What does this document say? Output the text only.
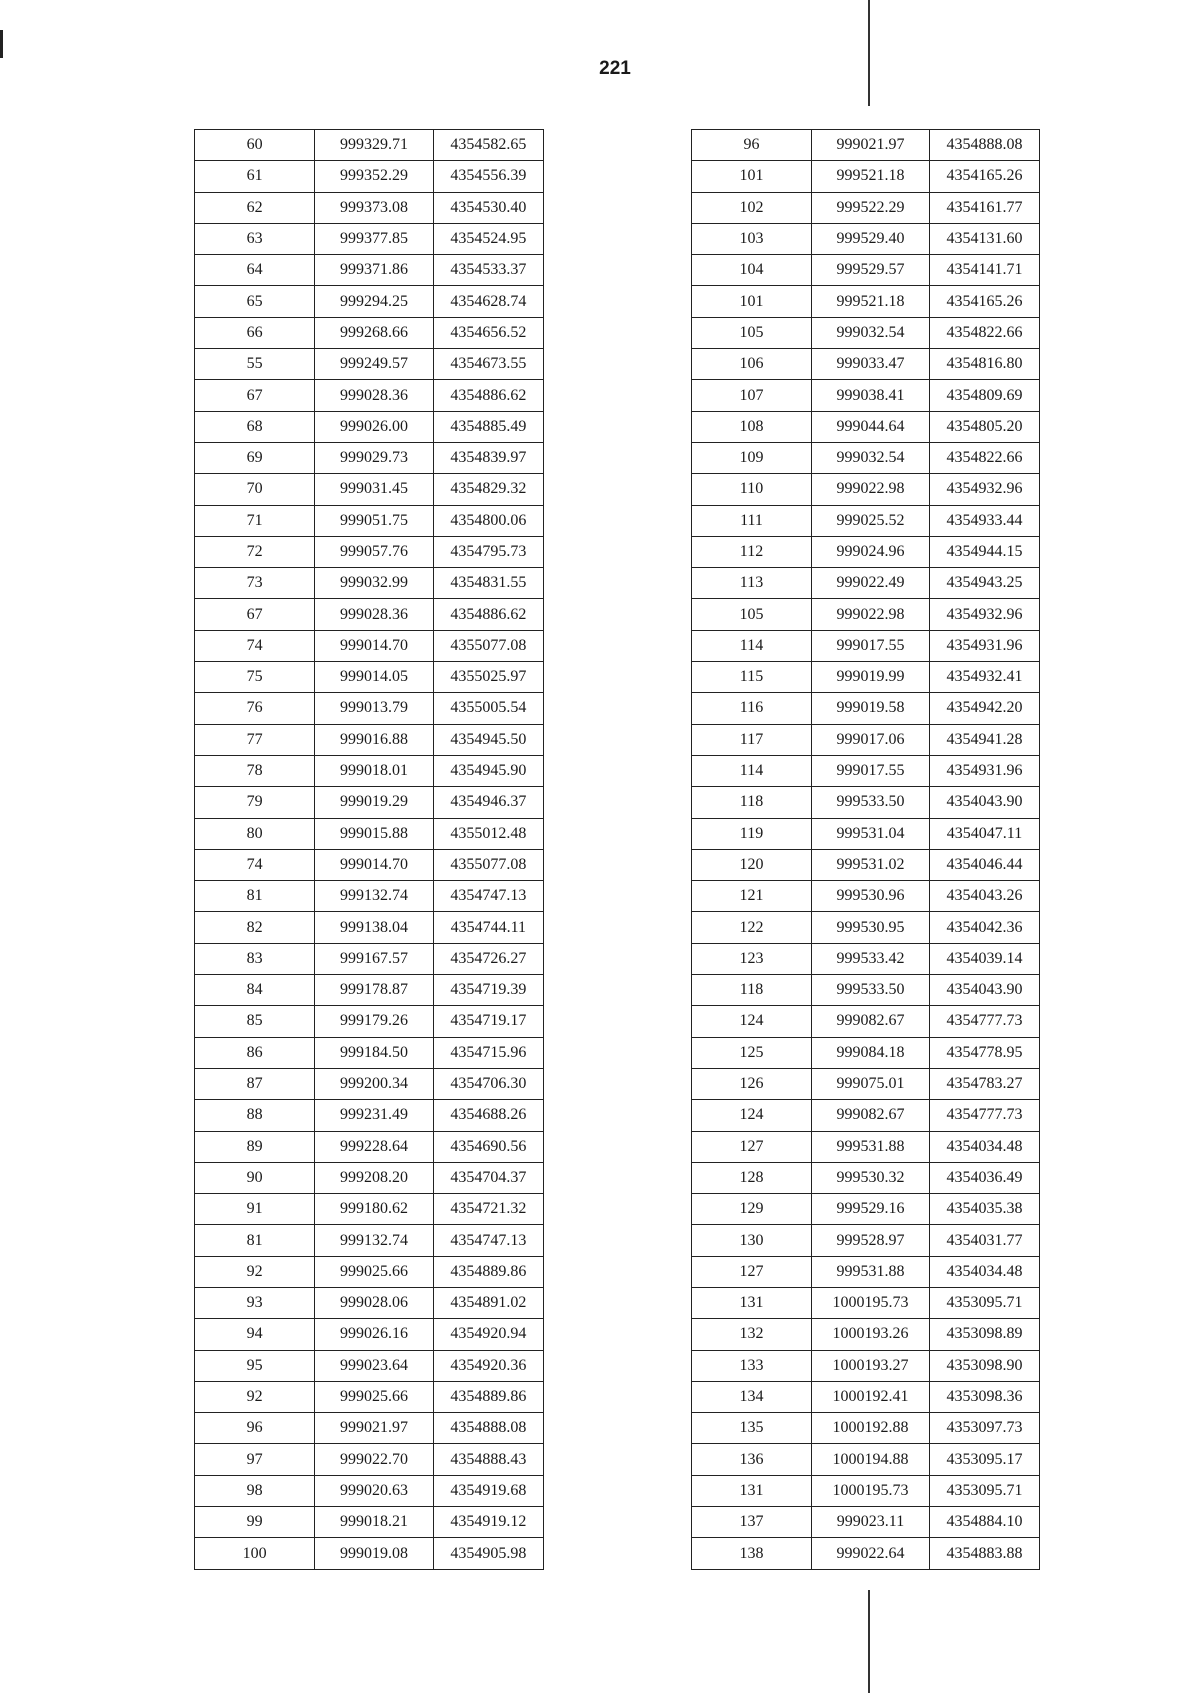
221
60	999329.71	4354582.65
61	999352.29	4354556.39
62	999373.08	4354530.40
63	999377.85	4354524.95
64	999371.86	4354533.37
65	999294.25	4354628.74
66	999268.66	4354656.52
55	999249.57	4354673.55
67	999028.36	4354886.62
68	999026.00	4354885.49
69	999029.73	4354839.97
70	999031.45	4354829.32
71	999051.75	4354800.06
72	999057.76	4354795.73
73	999032.99	4354831.55
67	999028.36	4354886.62
74	999014.70	4355077.08
75	999014.05	4355025.97
76	999013.79	4355005.54
77	999016.88	4354945.50
78	999018.01	4354945.90
79	999019.29	4354946.37
80	999015.88	4355012.48
74	999014.70	4355077.08
81	999132.74	4354747.13
82	999138.04	4354744.11
83	999167.57	4354726.27
84	999178.87	4354719.39
85	999179.26	4354719.17
86	999184.50	4354715.96
87	999200.34	4354706.30
88	999231.49	4354688.26
89	999228.64	4354690.56
90	999208.20	4354704.37
91	999180.62	4354721.32
81	999132.74	4354747.13
92	999025.66	4354889.86
93	999028.06	4354891.02
94	999026.16	4354920.94
95	999023.64	4354920.36
92	999025.66	4354889.86
96	999021.97	4354888.08
97	999022.70	4354888.43
98	999020.63	4354919.68
99	999018.21	4354919.12
100	999019.08	4354905.98
96	999021.97	4354888.08
101	999521.18	4354165.26
102	999522.29	4354161.77
103	999529.40	4354131.60
104	999529.57	4354141.71
101	999521.18	4354165.26
105	999032.54	4354822.66
106	999033.47	4354816.80
107	999038.41	4354809.69
108	999044.64	4354805.20
109	999032.54	4354822.66
110	999022.98	4354932.96
111	999025.52	4354933.44
112	999024.96	4354944.15
113	999022.49	4354943.25
105	999022.98	4354932.96
114	999017.55	4354931.96
115	999019.99	4354932.41
116	999019.58	4354942.20
117	999017.06	4354941.28
114	999017.55	4354931.96
118	999533.50	4354043.90
119	999531.04	4354047.11
120	999531.02	4354046.44
121	999530.96	4354043.26
122	999530.95	4354042.36
123	999533.42	4354039.14
118	999533.50	4354043.90
124	999082.67	4354777.73
125	999084.18	4354778.95
126	999075.01	4354783.27
124	999082.67	4354777.73
127	999531.88	4354034.48
128	999530.32	4354036.49
129	999529.16	4354035.38
130	999528.97	4354031.77
127	999531.88	4354034.48
131	1000195.73	4353095.71
132	1000193.26	4353098.89
133	1000193.27	4353098.90
134	1000192.41	4353098.36
135	1000192.88	4353097.73
136	1000194.88	4353095.17
131	1000195.73	4353095.71
137	999023.11	4354884.10
138	999022.64	4354883.88
